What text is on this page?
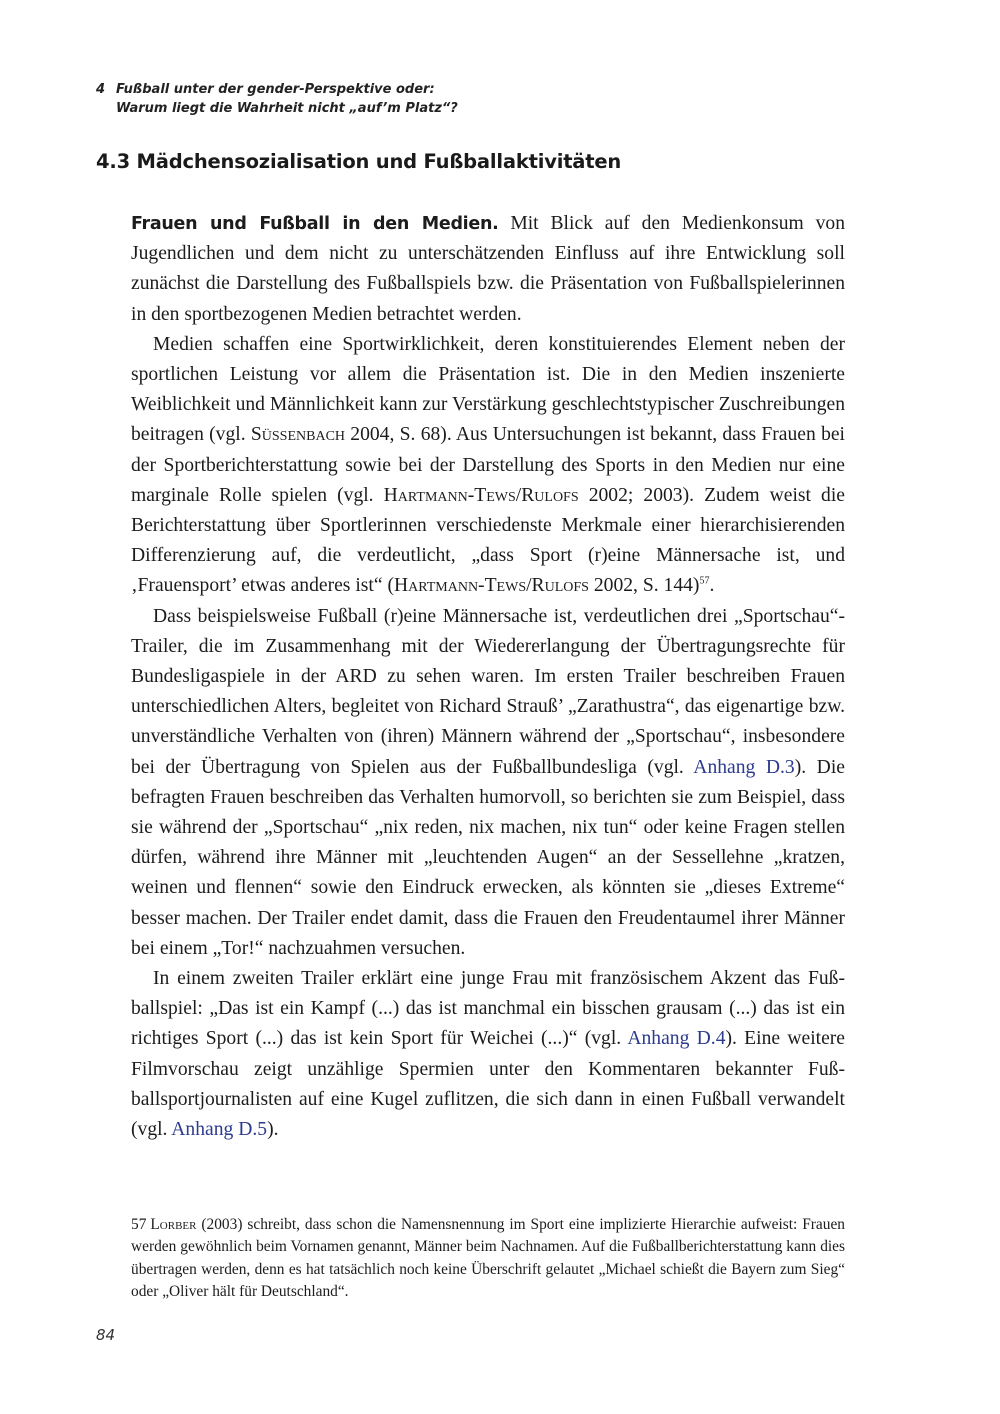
4 Fußball unter der gender-Perspektive oder:
Warum liegt die Wahrheit nicht „auf’m Platz“?
4.3 Mädchensozialisation und Fußballaktivitäten

Frauen und Fußball in den Medien. Mit Blick auf den Medienkonsum von Jugendlichen und dem nicht zu unterschätzenden Einfluss auf ihre Entwicklung soll zunächst die Darstellung des Fußballspiels bzw. die Präsentation von Fußballspielerinnen in den sportbezogenen Medien betrachtet werden.

Medien schaffen eine Sportwirklichkeit, deren konstituierendes Element neben der sportlichen Leistung vor allem die Präsentation ist. Die in den Medien inszenierte Weiblichkeit und Männlichkeit kann zur Verstärkung geschlechtstypischer Zuschreibungen beitragen (vgl. Süßenbach 2004, S. 68). Aus Untersuchungen ist bekannt, dass Frauen bei der Sportberichterstattung sowie bei der Darstellung des Sports in den Medien nur eine marginale Rolle spielen (vgl. Hartmann-Tews/Rulofs 2002; 2003). Zudem weist die Berichterstattung über Sportlerinnen verschiedenste Merkmale einer hierarchisierenden Differenzierung auf, die verdeutlicht, „dass Sport (r)eine Männersache ist, und ‚Frauensport’ etwas anderes ist“ (Hartmann-Tews/Rulofs 2002, S. 144)$^{57}$.

Dass beispielsweise Fußball (r)eine Männersache ist, verdeutlichen drei „Sportschau“-Trailer, die im Zusammenhang mit der Wiedererlangung der Übertragungsrechte für Bundesligaspiele in der ARD zu sehen waren. Im ersten Trailer beschreiben Frauen unterschiedlichen Alters, begleitet von Richard Strauß’ „Zarathustra“, das eigenartige bzw. unverständliche Verhalten von (ihren) Männern während der „Sportschau“, insbesondere bei der Übertragung von Spielen aus der Fußballbundesliga (vgl. Anhang D.3). Die befragten Frauen beschreiben das Verhalten humorvoll, so berichten sie zum Beispiel, dass sie während der „Sportschau“ „nix reden, nix machen, nix tun“ oder keine Fragen stellen dürfen, während ihre Männer mit „leuchtenden Augen“ an der Sessellehne „kratzen, weinen und flennen“ sowie den Eindruck erwecken, als könnten sie „dieses Extreme“ besser machen. Der Trailer endet damit, dass die Frauen den Freudentaumel ihrer Männer bei einem „Tor!“ nachzuahmen versuchen.

In einem zweiten Trailer erklärt eine junge Frau mit französischem Akzent das Fußballspiel: „Das ist ein Kampf (...) das ist manchmal ein bisschen grausam (...) das ist ein richtiges Sport (...) das ist kein Sport für Weichei (...)“ (vgl. Anhang D.4). Eine weitere Filmvorschau zeigt unzählige Spermien unter den Kommentaren bekannter Fußballsportjournalisten auf eine Kugel zuflitzen, die sich dann in einen Fußball verwandelt (vgl. Anhang D.5).

57 Lorber (2003) schreibt, dass schon die Namensnennung im Sport eine implizierte Hierarchie aufweist: Frauen werden gewöhnlich beim Vornamen genannt, Männer beim Nachnamen. Auf die Fußballberichterstattung kann dies übertragen werden, denn es hat tatsächlich noch keine Überschrift gelautet „Michael schießt die Bayern zum Sieg“ oder „Oliver hält für Deutschland“.

84
